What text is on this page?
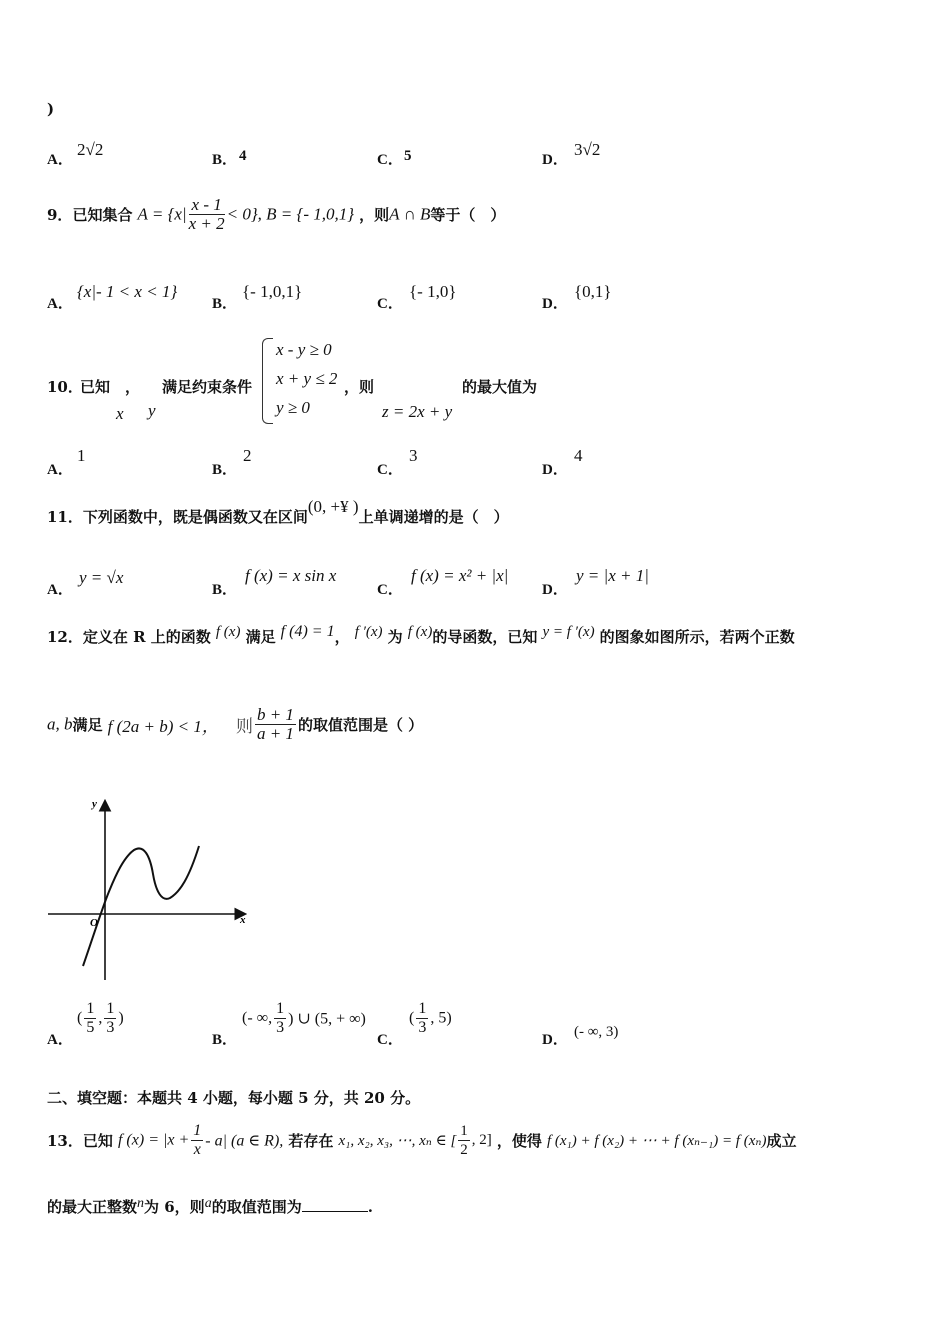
)
A．
2√2
B． 4	C． 5	D．
3√2
9．已知集合 $A = \{x| \frac{x - 1}{x + 2} < 0\}$, B = {- 1,0,1} ，则A ∩ B等于（　）
A．
{x|- 1 < x < 1}
B．
{- 1,0,1}
C．
{- 1,0}
D．
{0,1}
10．
已知 ， 满足约束条件
x y
x - y ≥ 0
x + y ≤ 2
y ≥ 0
，则
z = 2x + y
的最大值为
A．
1
B．
2
C．
3
D．
4
11．下列函数中，既是偶函数又在区间(0, +¥ )上单调递增的是（　）
A．
y = √x
B．
f (x) = x sin x
C．
f (x) = x² + |x|
D．
y = |x + 1|
12．定义在 R 上的函数 f (x) 满足 f (4) = 1， f ′(x) 为 f (x)的导函数，已知 y = f ′(x) 的图象如图所示，若两个正数
a, b满足 f (2a + b) < 1， 则 $\frac{b + 1}{a + 1}$ 的取值范围是（ ）
y
x
O
A．
( $\frac{1}{5}$ , $\frac{1}{3}$ )
B．
(- ∞, $\frac{1}{3}$ ) ∪ (5, + ∞)
C．
( $\frac{1}{3}$ , 5)
D． (- ∞, 3)
二、填空题：本题共 4 小题，每小题 5 分，共 20 分。
13．已知 f $(x) = |x + \frac{1}{x} - a|$ (a ∈ R), 若存在 x₁, x₂, x₃, ⋯, xₙ ∈ [ $\frac{1}{2}$ , 2] ，使得 f (x₁) + f (x₂) + ⋯ + f (xₙ₋₁) = f (xₙ)成立
的最大正整数n为 6，则a的取值范围为	.
